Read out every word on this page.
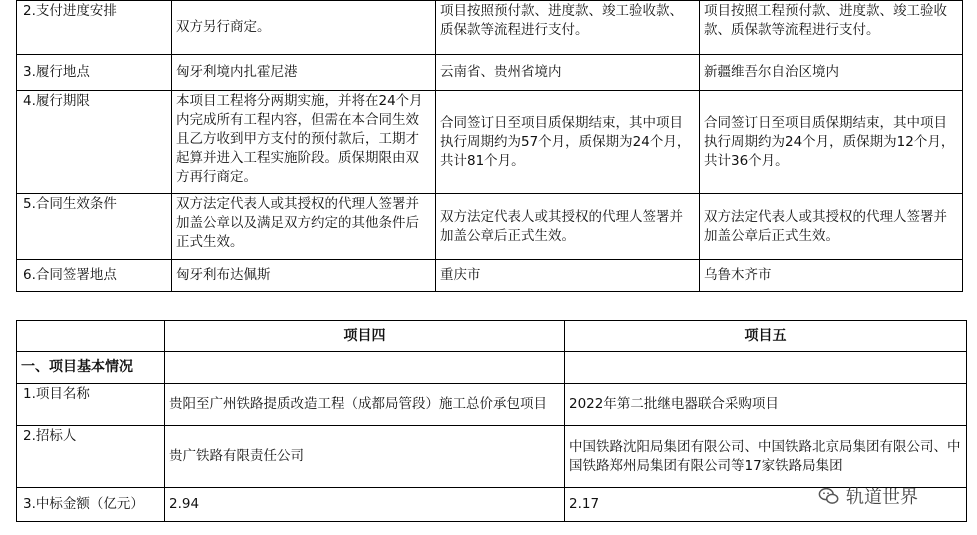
2.支付进度安排	双方另行商定。	项目按照预付款、进度款、竣工验收款、质保款等流程进行支付。	项目按照工程预付款、进度款、竣工验收款、质保款等流程进行支付。
3.履行地点	匈牙利境内扎霍尼港	云南省、贵州省境内	新疆维吾尔自治区境内
4.履行期限	本项目工程将分两期实施，并将在24个月内完成所有工程内容，但需在本合同生效且乙方收到甲方支付的预付款后，工期才起算并进入工程实施阶段。质保期限由双方再行商定。	合同签订日至项目质保期结束，其中项目执行周期约为57个月，质保期为24个月，共计81个月。	合同签订日至项目质保期结束，其中项目执行周期约为24个月，质保期为12个月，共计36个月。
5.合同生效条件	双方法定代表人或其授权的代理人签署并加盖公章以及满足双方约定的其他条件后正式生效。	双方法定代表人或其授权的代理人签署并加盖公章后正式生效。	双方法定代表人或其授权的代理人签署并加盖公章后正式生效。
6.合同签署地点	匈牙利布达佩斯	重庆市	乌鲁木齐市
	项目四	项目五
一、项目基本情况		
1.项目名称	贵阳至广州铁路提质改造工程（成都局管段）施工总价承包项目	2022年第二批继电器联合采购项目
2.招标人	贵广铁路有限责任公司	中国铁路沈阳局集团有限公司、中国铁路北京局集团有限公司、中国铁路郑州局集团有限公司等17家铁路局集团
3.中标金额（亿元）	2.94	2.17	轨道世界
